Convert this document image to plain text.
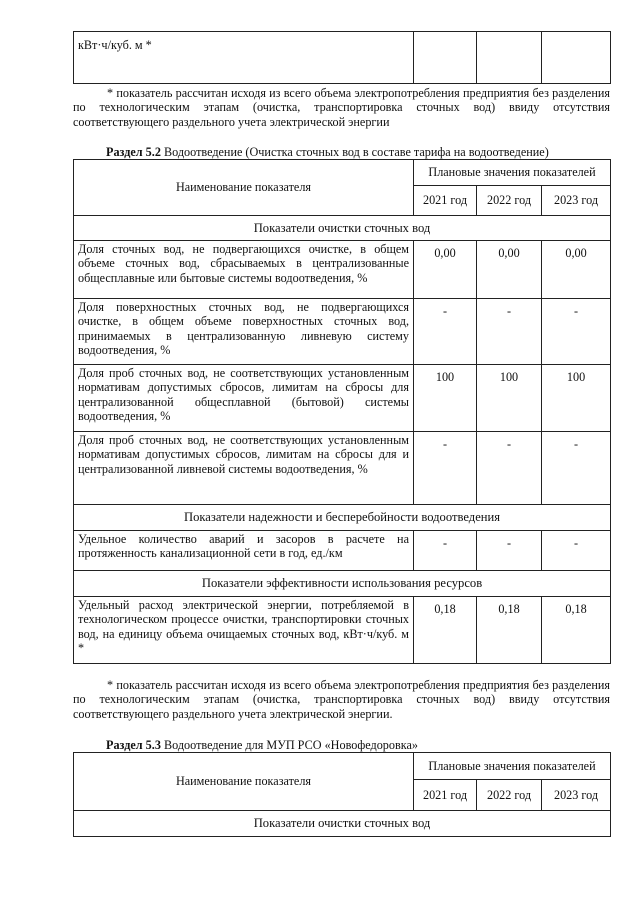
кВт·ч/куб. м *			

* показатель рассчитан исходя из всего объема электропотребления предприятия без разделения по технологическим этапам (очистка, транспортировка сточных вод) ввиду отсутствия соответствующего раздельного учета электрической энергии

Раздел 5.2 Водоотведение (Очистка сточных вод в составе тарифа на водоотведение)

Наименование показателя	Плановые значения показателей		
	2021 год	2022 год	2023 год
Показатели очистки сточных вод			
Доля сточных вод, не подвергающихся очистке, в общем объеме сточных вод, сбрасываемых в централизованные общесплавные или бытовые системы водоотведения, %	0,00	0,00	0,00
Доля поверхностных сточных вод, не подвергающихся очистке, в общем объеме поверхностных сточных вод, принимаемых в централизованную ливневую систему водоотведения, %	-	-	-
Доля проб сточных вод, не соответствующих установленным нормативам допустимых сбросов, лимитам на сбросы для централизованной общесплавной (бытовой) системы водоотведения, %	100	100	100
Доля проб сточных вод, не соответствующих установленным нормативам допустимых сбросов, лимитам на сбросы для и централизованной ливневой системы водоотведения, %	-	-	-
Показатели надежности и бесперебойности водоотведения			
Удельное количество аварий и засоров в расчете на протяженность канализационной сети в год, ед./км	-	-	-
Показатели эффективности использования ресурсов			
Удельный расход электрической энергии, потребляемой в технологическом процессе очистки, транспортировки сточных вод, на единицу объема очищаемых сточных вод, кВт·ч/куб. м *	0,18	0,18	0,18

* показатель рассчитан исходя из всего объема электропотребления предприятия без разделения по технологическим этапам (очистка, транспортировка сточных вод) ввиду отсутствия соответствующего раздельного учета электрической энергии.

Раздел 5.3 Водоотведение для МУП РСО «Новофедоровка»

Наименование показателя	Плановые значения показателей		
	2021 год	2022 год	2023 год
Показатели очистки сточных вод			
